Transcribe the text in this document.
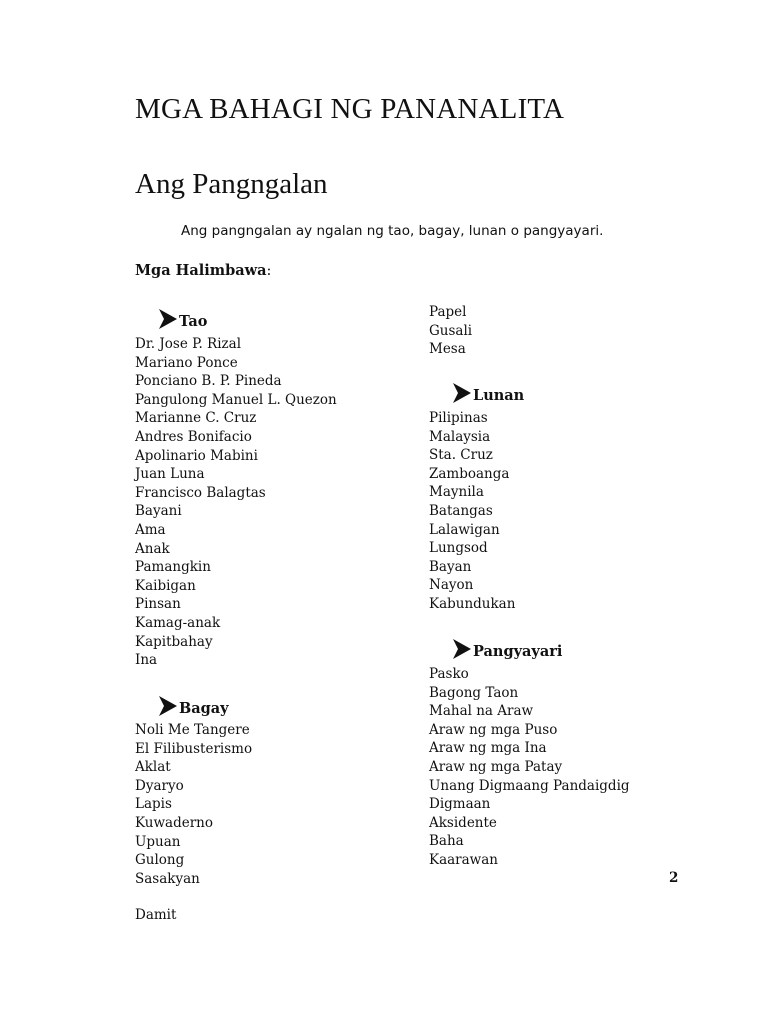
MGA BAHAGI NG PANANALITA
Ang Pangngalan

Ang pangngalan ay ngalan ng tao, bagay, lunan o pangyayari.

Mga Halimbawa:

Tao
Dr. Jose P. Rizal
Mariano Ponce
Ponciano B. P. Pineda
Pangulong Manuel L. Quezon
Marianne C. Cruz
Andres Bonifacio
Apolinario Mabini
Juan Luna
Francisco Balagtas
Bayani
Ama
Anak
Pamangkin
Kaibigan
Pinsan
Kamag-anak
Kapitbahay
Ina
Bagay
Noli Me Tangere
El Filibusterismo
Aklat
Dyaryo
Lapis
Kuwaderno
Upuan
Gulong
Sasakyan

Damit

Papel
Gusali
Mesa
Lunan
Pilipinas
Malaysia
Sta. Cruz
Zamboanga
Maynila
Batangas
Lalawigan
Lungsod
Bayan
Nayon
Kabundukan
Pangyayari
Pasko
Bagong Taon
Mahal na Araw
Araw ng mga Puso
Araw ng mga Ina
Araw ng mga Patay
Unang Digmaang Pandaigdig
Digmaan
Aksidente
Baha
Kaarawan

2
